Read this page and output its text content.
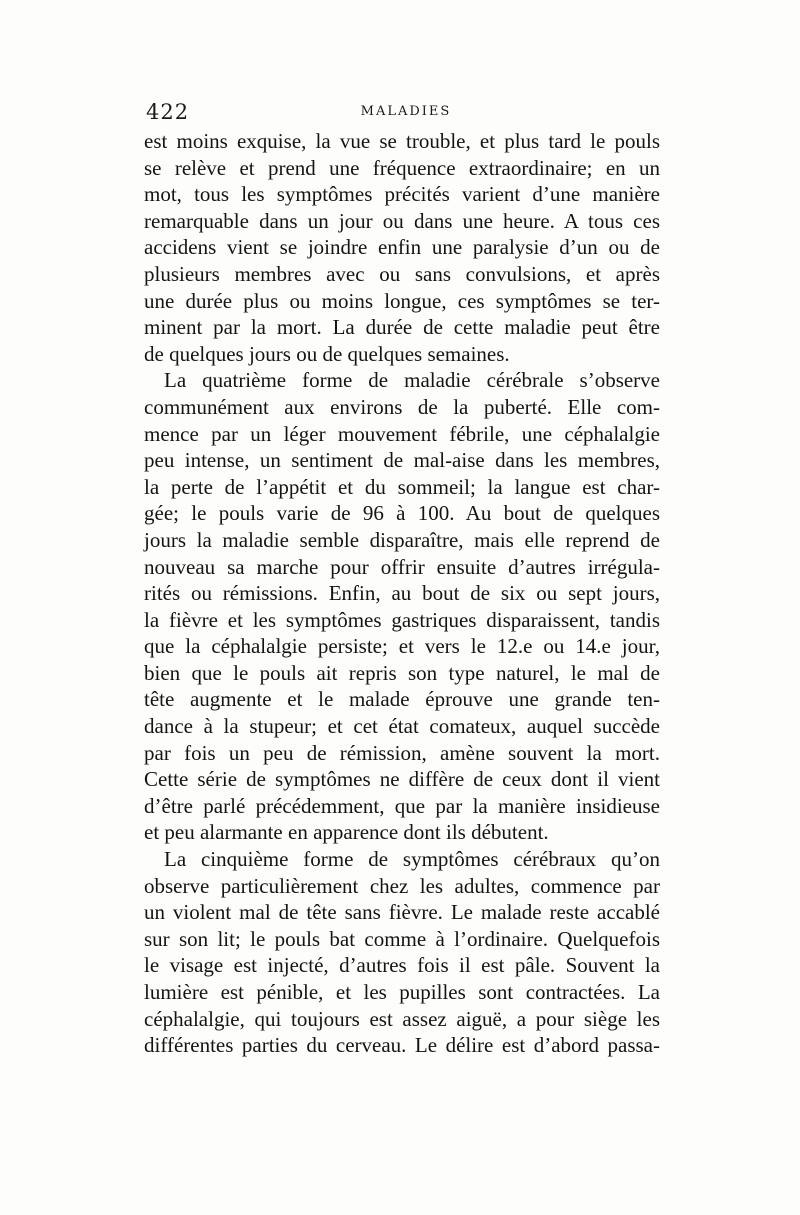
422	MALADIES
est moins exquise, la vue se trouble, et plus tard le pouls
se relève et prend une fréquence extraordinaire; en un
mot, tous les symptômes précités varient d’une manière
remarquable dans un jour ou dans une heure. A tous ces
accidens vient se joindre enfin une paralysie d’un ou de
plusieurs membres avec ou sans convulsions, et après
une durée plus ou moins longue, ces symptômes se ter-
minent par la mort. La durée de cette maladie peut être
de quelques jours ou de quelques semaines.
La quatrième forme de maladie cérébrale s’observe
communément aux environs de la puberté. Elle com-
mence par un léger mouvement fébrile, une céphalalgie
peu intense, un sentiment de mal-aise dans les membres,
la perte de l’appétit et du sommeil; la langue est char-
gée; le pouls varie de 96 à 100. Au bout de quelques
jours la maladie semble disparaître, mais elle reprend de
nouveau sa marche pour offrir ensuite d’autres irrégula-
rités ou rémissions. Enfin, au bout de six ou sept jours,
la fièvre et les symptômes gastriques disparaissent, tandis
que la céphalalgie persiste; et vers le 12.e ou 14.e jour,
bien que le pouls ait repris son type naturel, le mal de
tête augmente et le malade éprouve une grande ten-
dance à la stupeur; et cet état comateux, auquel succède
par fois un peu de rémission, amène souvent la mort.
Cette série de symptômes ne diffère de ceux dont il vient
d’être parlé précédemment, que par la manière insidieuse
et peu alarmante en apparence dont ils débutent.
La cinquième forme de symptômes cérébraux qu’on
observe particulièrement chez les adultes, commence par
un violent mal de tête sans fièvre. Le malade reste accablé
sur son lit; le pouls bat comme à l’ordinaire. Quelquefois
le visage est injecté, d’autres fois il est pâle. Souvent la
lumière est pénible, et les pupilles sont contractées. La
céphalalgie, qui toujours est assez aiguë, a pour siège les
différentes parties du cerveau. Le délire est d’abord passa-
